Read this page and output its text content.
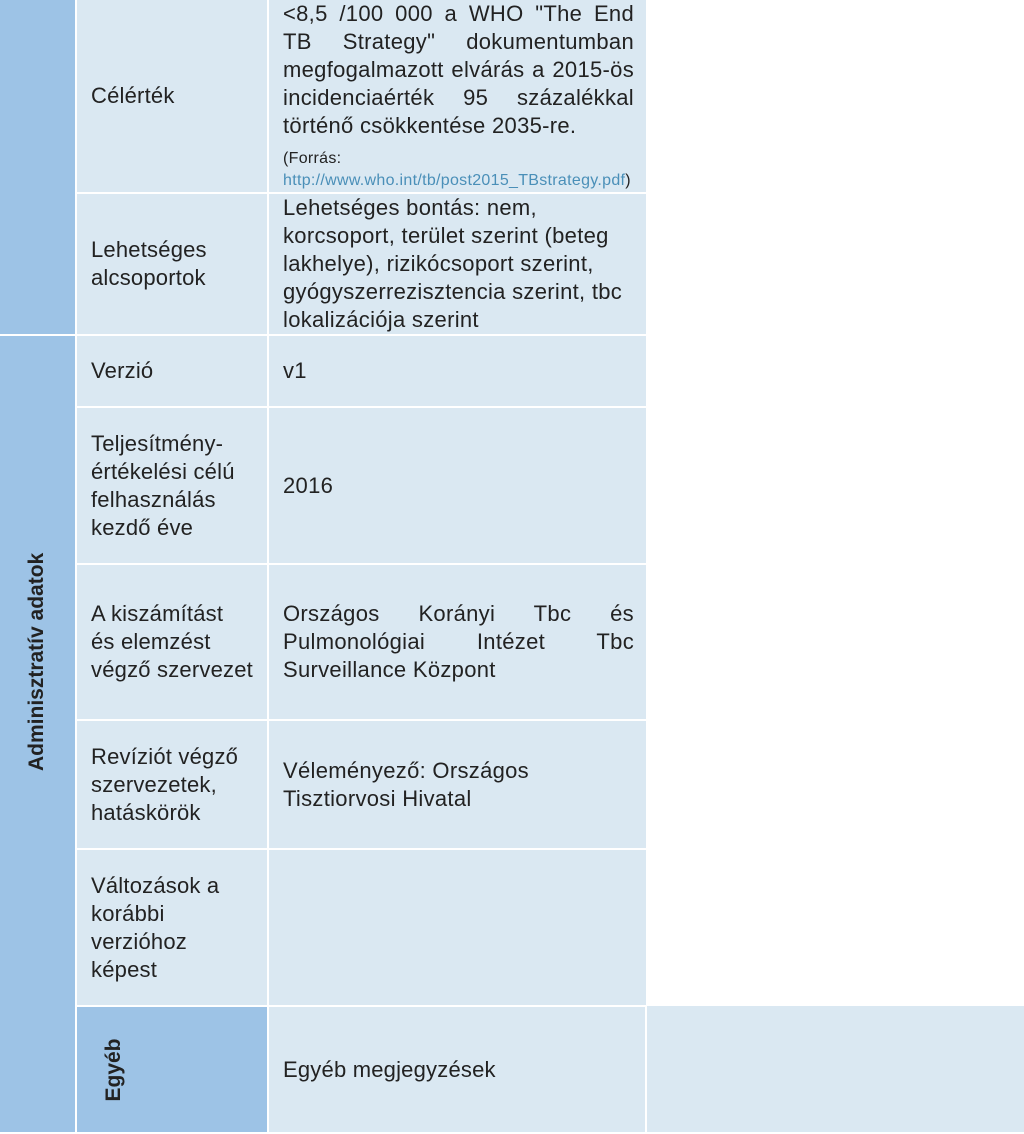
	Célérték	<8,5 /100 000 a WHO "The End TB Strategy" dokumentumban megfogalmazott elvárás a 2015-ös incidenciaérték 95 százalékkal történő csökkentése 2035-re.
(Forrás: http://www.who.int/tb/post2015_TBstrategy.pdf)	

	Lehetséges alcsoportok	Lehetséges bontás: nem, korcsoport, terület szerint (beteg lakhelye), rizikócsoport szerint, gyógyszerrezisztencia szerint, tbc lokalizációja szerint	

Adminisztratív adatok	Verzió	v1	
	Teljesítmény-értékelési célú felhasználás kezdő éve	2016	
	A kiszámítást és elemzést végző szervezet	Országos Korányi Tbc és Pulmonológiai Intézet Tbc Surveillance Központ	
	Revíziót végző szervezetek, hatáskörök	Véleményező: Országos Tisztiorvosi Hivatal	
	Változások a korábbi verzióhoz képest		

	Egyéb	Egyéb megjegyzések	
